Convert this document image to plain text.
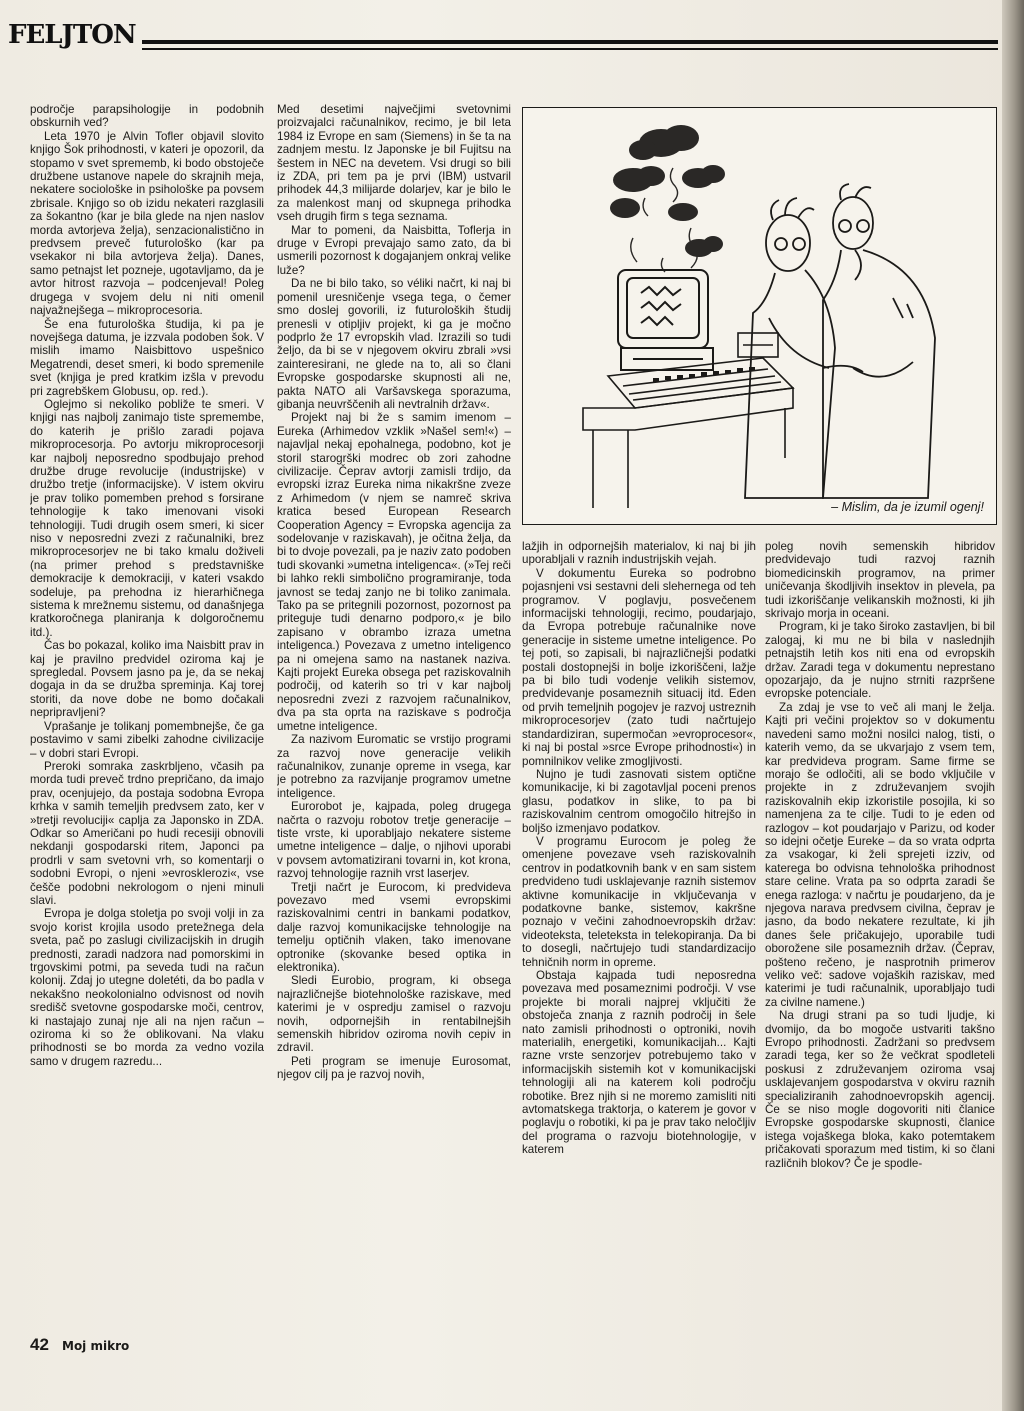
FELJTON

področje parapsihologije in podobnih obskurnih ved?

Leta 1970 je Alvin Tofler objavil slovito knjigo Šok prihodnosti, v kateri je opozoril, da stopamo v svet sprememb, ki bodo obstoječe družbene ustanove napele do skrajnih meja, nekatere sociološke in psihološke pa povsem zbrisale. Knjigo so ob izidu nekateri razglasili za šokantno (kar je bila glede na njen naslov morda avtorjeva želja), senzacionalistično in predvsem preveč futurološko (kar pa vsekakor ni bila avtorjeva želja). Danes, samo petnajst let pozneje, ugotavljamo, da je avtor hitrost razvoja – podcenjeval! Poleg drugega v svojem delu ni niti omenil najvažnejšega – mikroprocesoria.

Še ena futurološka študija, ki pa je novejšega datuma, je izzvala podoben šok. V mislih imamo Naisbittovo uspešnico Megatrendi, deset smeri, ki bodo spremenile svet (knjiga je pred kratkim izšla v prevodu pri zagrebškem Globusu, op. red.).

Oglejmo si nekoliko pobliže te smeri. V knjigi nas najbolj zanimajo tiste spremembe, do katerih je prišlo zaradi pojava mikroprocesorja. Po avtorju mikroprocesorji kar najbolj neposredno spodbujajo prehod družbe druge revolucije (industrijske) v družbo tretje (informacijske). V istem okviru je prav toliko pomemben prehod s forsirane tehnologije k tako imenovani visoki tehnologiji. Tudi drugih osem smeri, ki sicer niso v neposredni zvezi z računalniki, brez mikroprocesorjev ne bi tako kmalu doživeli (na primer prehod s predstavniške demokracije k demokraciji, v kateri vsakdo sodeluje, pa prehodna iz hierarhičnega sistema k mrežnemu sistemu, od današnjega kratkoročnega planiranja k dolgoročnemu itd.).

Čas bo pokazal, koliko ima Naisbitt prav in kaj je pravilno predvidel oziroma kaj je spregledal. Povsem jasno pa je, da se nekaj dogaja in da se družba spreminja. Kaj torej storiti, da nove dobe ne bomo dočakali nepripravljeni?

Vprašanje je tolikanj pomembnejše, če ga postavimo v sami zibelki zahodne civilizacije – v dobri stari Evropi.

Preroki somraka zaskrbljeno, včasih pa morda tudi preveč trdno prepričano, da imajo prav, ocenjujejo, da postaja sodobna Evropa krhka v samih temeljih predvsem zato, ker v »tretji revoluciji« caplja za Japonsko in ZDA. Odkar so Američani po hudi recesiji obnovili nekdanji gospodarski ritem, Japonci pa prodrli v sam svetovni vrh, so komentarji o sodobni Evropi, o njeni »evrosklerozi«, vse češče podobni nekrologom o njeni minuli slavi.

Evropa je dolga stoletja po svoji volji in za svojo korist krojila usodo pretežnega dela sveta, pač po zaslugi civilizacijskih in drugih prednosti, zaradi nadzora nad pomorskimi in trgovskimi potmi, pa seveda tudi na račun kolonij. Zdaj jo utegne doletéti, da bo padla v nekakšno neokolonialno odvisnost od novih središč svetovne gospodarske moči, centrov, ki nastajajo zunaj nje ali na njen račun – oziroma ki so že oblikovani. Na vlaku prihodnosti se bo morda za vedno vozila samo v drugem razredu...

Med desetimi največjimi svetovnimi proizvajalci računalnikov, recimo, je bil leta 1984 iz Evrope en sam (Siemens) in še ta na zadnjem mestu. Iz Japonske je bil Fujitsu na šestem in NEC na devetem. Vsi drugi so bili iz ZDA, pri tem pa je prvi (IBM) ustvaril prihodek 44,3 milijarde dolarjev, kar je bilo le za malenkost manj od skupnega prihodka vseh drugih firm s tega seznama.

Mar to pomeni, da Naisbitta, Toflerja in druge v Evropi prevajajo samo zato, da bi usmerili pozornost k dogajanjem onkraj velike luže?

Da ne bi bilo tako, so véliki načrt, ki naj bi pomenil uresničenje vsega tega, o čemer smo doslej govorili, iz futuroloških študij prenesli v otipljiv projekt, ki ga je močno podprlo že 17 evropskih vlad. Izrazili so tudi željo, da bi se v njegovem okviru zbrali »vsi zainteresirani, ne glede na to, ali so člani Evropske gospodarske skupnosti ali ne, pakta NATO ali Varšavskega sporazuma, gibanja neuvrščenih ali nevtralnih držav«.

Projekt naj bi že s samim imenom – Eureka (Arhimedov vzklik »Našel sem!«) – najavljal nekaj epohalnega, podobno, kot je storil starogrški modrec ob zori zahodne civilizacije. Čeprav avtorji zamisli trdijo, da evropski izraz Eureka nima nikakršne zveze z Arhimedom (v njem se namreč skriva kratica besed European Research Cooperation Agency = Evropska agencija za sodelovanje v raziskavah), je očitna želja, da bi to dvoje povezali, pa je naziv zato podoben tudi skovanki »umetna inteligenca«. (»Tej reči bi lahko rekli simbolično programiranje, toda javnost se tedaj zanjo ne bi toliko zanimala. Tako pa se pritegnili pozornost, pozornost pa priteguje tudi denarno podporo,« je bilo zapisano v obrambo izraza umetna inteligenca.) Povezava z umetno inteligenco pa ni omejena samo na nastanek naziva. Kajti projekt Eureka obsega pet raziskovalnih področij, od katerih so tri v kar najbolj neposredni zvezi z razvojem računalnikov, dva pa sta oprta na raziskave s področja umetne inteligence.

Za nazivom Euromatic se vrstijo programi za razvoj nove generacije velikih računalnikov, zunanje opreme in vsega, kar je potrebno za razvijanje programov umetne inteligence.

Eurorobot je, kajpada, poleg drugega načrta o razvoju robotov tretje generacije – tiste vrste, ki uporabljajo nekatere sisteme umetne inteligence – dalje, o njihovi uporabi v povsem avtomatizirani tovarni in, kot krona, razvoj tehnologije raznih vrst laserjev.

Tretji načrt je Eurocom, ki predvideva povezavo med vsemi evropskimi raziskovalnimi centri in bankami podatkov, dalje razvoj komunikacijske tehnologije na temelju optičnih vlaken, tako imenovane optronike (skovanke besed optika in elektronika).

Sledi Eurobio, program, ki obsega najrazličnejše biotehnološke raziskave, med katerimi je v ospredju zamisel o razvoju novih, odpornejših in rentabilnejših semenskih hibridov oziroma novih cepiv in zdravil.

Peti program se imenuje Eurosomat, njegov cilj pa je razvoj novih,

– Mislim, da je izumil ogenj!

lažjih in odpornejših materialov, ki naj bi jih uporabljali v raznih industrijskih vejah.

V dokumentu Eureka so podrobno pojasnjeni vsi sestavni deli slehernega od teh programov. V poglavju, posvečenem informacijski tehnologiji, recimo, poudarjajo, da Evropa potrebuje računalnike nove generacije in sisteme umetne inteligence. Po tej poti, so zapisali, bi najrazličnejši podatki postali dostopnejši in bolje izkoriščeni, lažje pa bi bilo tudi vodenje velikih sistemov, predvidevanje posameznih situacij itd. Eden od prvih temeljnih pogojev je razvoj ustreznih mikroprocesorjev (zato tudi načrtujejo standardiziran, supermočan »evroprocesor«, ki naj bi postal »srce Evrope prihodnosti«) in pomnilnikov velike zmogljivosti.

Nujno je tudi zasnovati sistem optične komunikacije, ki bi zagotavljal poceni prenos glasu, podatkov in slike, to pa bi raziskovalnim centrom omogočilo hitrejšo in boljšo izmenjavo podatkov.

V programu Eurocom je poleg že omenjene povezave vseh raziskovalnih centrov in podatkovnih bank v en sam sistem predvideno tudi usklajevanje raznih sistemov aktivne komunikacije in vključevanja v podatkovne banke, sistemov, kakršne poznajo v večini zahodnoevropskih držav: videoteksta, teleteksta in telekopiranja. Da bi to dosegli, načrtujejo tudi standardizacijo tehničnih norm in opreme.

Obstaja kajpada tudi neposredna povezava med posameznimi področji. V vse projekte bi morali najprej vključiti že obstoječa znanja z raznih področij in šele nato zamisli prihodnosti o optroniki, novih materialih, energetiki, komunikacijah... Kajti razne vrste senzorjev potrebujemo tako v informacijskih sistemih kot v komunikacijski tehnologiji ali na katerem koli področju robotike. Brez njih si ne moremo zamisliti niti avtomatskega traktorja, o katerem je govor v poglavju o robotiki, ki pa je prav tako neločljiv del programa o razvoju biotehnologije, v katerem

poleg novih semenskih hibridov predvidevajo tudi razvoj raznih biomedicinskih programov, na primer uničevanja škodljivih insektov in plevela, pa tudi izkoriščanje velikanskih možnosti, ki jih skrivajo morja in oceani.

Program, ki je tako široko zastavljen, bi bil zalogaj, ki mu ne bi bila v naslednjih petnajstih letih kos niti ena od evropskih držav. Zaradi tega v dokumentu neprestano opozarjajo, da je nujno strniti razpršene evropske potenciale.

Za zdaj je vse to več ali manj le želja. Kajti pri večini projektov so v dokumentu navedeni samo možni nosilci nalog, tisti, o katerih vemo, da se ukvarjajo z vsem tem, kar predvideva program. Same firme se morajo še odločiti, ali se bodo vključile v projekte in z združevanjem svojih raziskovalnih ekip izkoristile posojila, ki so namenjena za te cilje. Tudi to je eden od razlogov – kot poudarjajo v Parizu, od koder so idejni očetje Eureke – da so vrata odprta za vsakogar, ki želi sprejeti izziv, od katerega bo odvisna tehnološka prihodnost stare celine. Vrata pa so odprta zaradi še enega razloga: v načrtu je poudarjeno, da je njegova narava predvsem civilna, čeprav je jasno, da bodo nekatere rezultate, ki jih danes šele pričakujejo, uporabile tudi oborožene sile posameznih držav. (Čeprav, pošteno rečeno, je nasprotnih primerov veliko več: sadove vojaških raziskav, med katerimi je tudi računalnik, uporabljajo tudi za civilne namene.)

Na drugi strani pa so tudi ljudje, ki dvomijo, da bo mogoče ustvariti takšno Evropo prihodnosti. Zadržani so predvsem zaradi tega, ker so že večkrat spodleteli poskusi z združevanjem oziroma vsaj usklajevanjem gospodarstva v okviru raznih specializiranih zahodnoevropskih agencij. Če se niso mogle dogovoriti niti članice Evropske gospodarske skupnosti, članice istega vojaškega bloka, kako potemtakem pričakovati sporazum med tistim, ki so člani različnih blokov? Če je spodle-

42 Moj mikro
